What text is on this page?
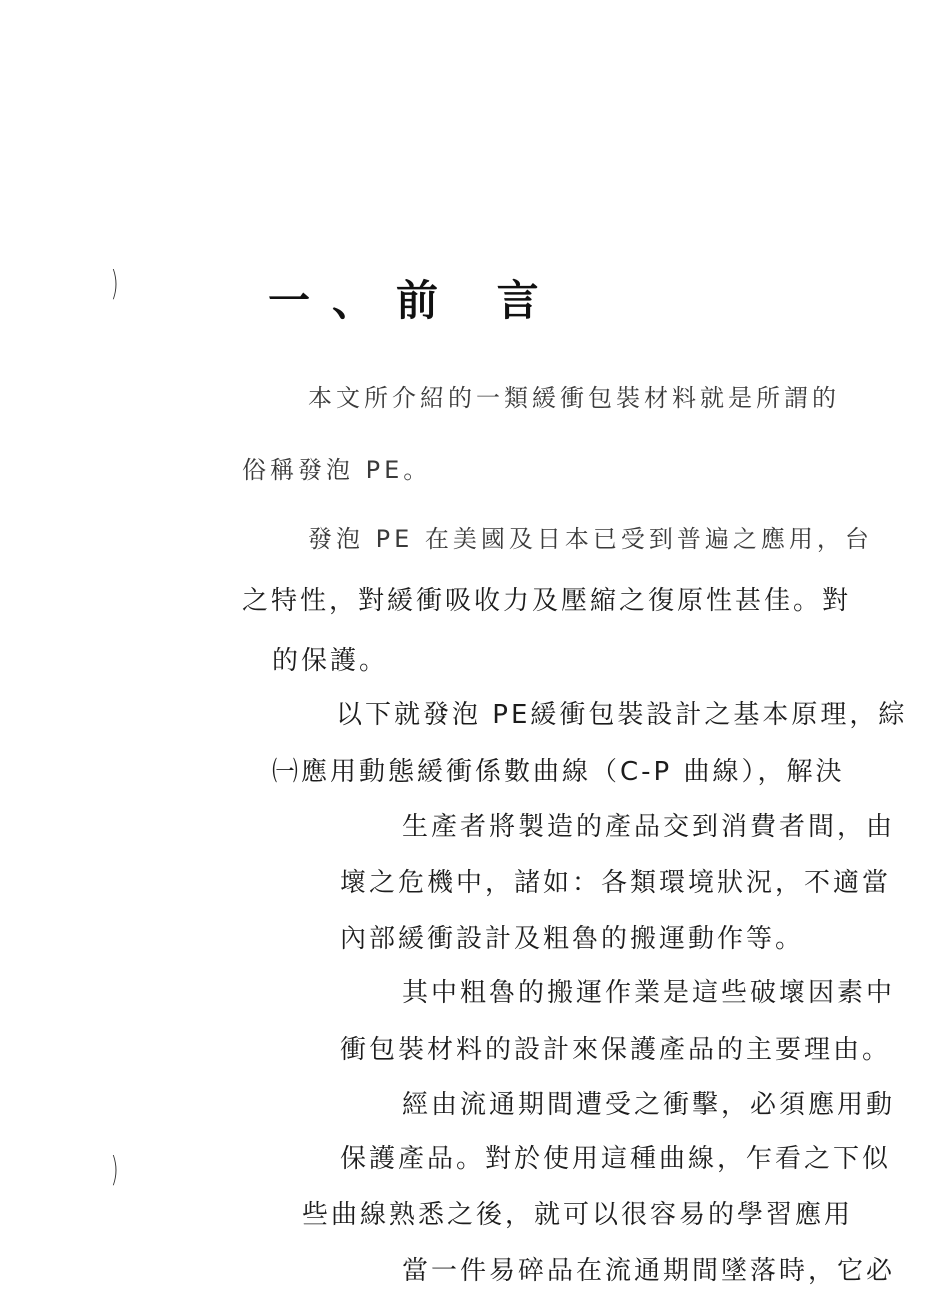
)
)
一、前 言
本文所介紹的一類緩衝包裝材料就是所謂的
俗稱發泡 PE。
發泡 PE 在美國及日本已受到普遍之應用，台
之特性，對緩衝吸收力及壓縮之復原性甚佳。對
的保護。
以下就發泡 PE緩衝包裝設計之基本原理，綜
㈠應用動態緩衝係數曲線（C-P 曲線），解決
生產者將製造的產品交到消費者間，由
壞之危機中，諸如：各類環境狀況，不適當
內部緩衝設計及粗魯的搬運動作等。
其中粗魯的搬運作業是這些破壞因素中
衝包裝材料的設計來保護產品的主要理由。
經由流通期間遭受之衝擊，必須應用動
保護產品。對於使用這種曲線，乍看之下似
些曲線熟悉之後，就可以很容易的學習應用
當一件易碎品在流通期間墜落時，它必
